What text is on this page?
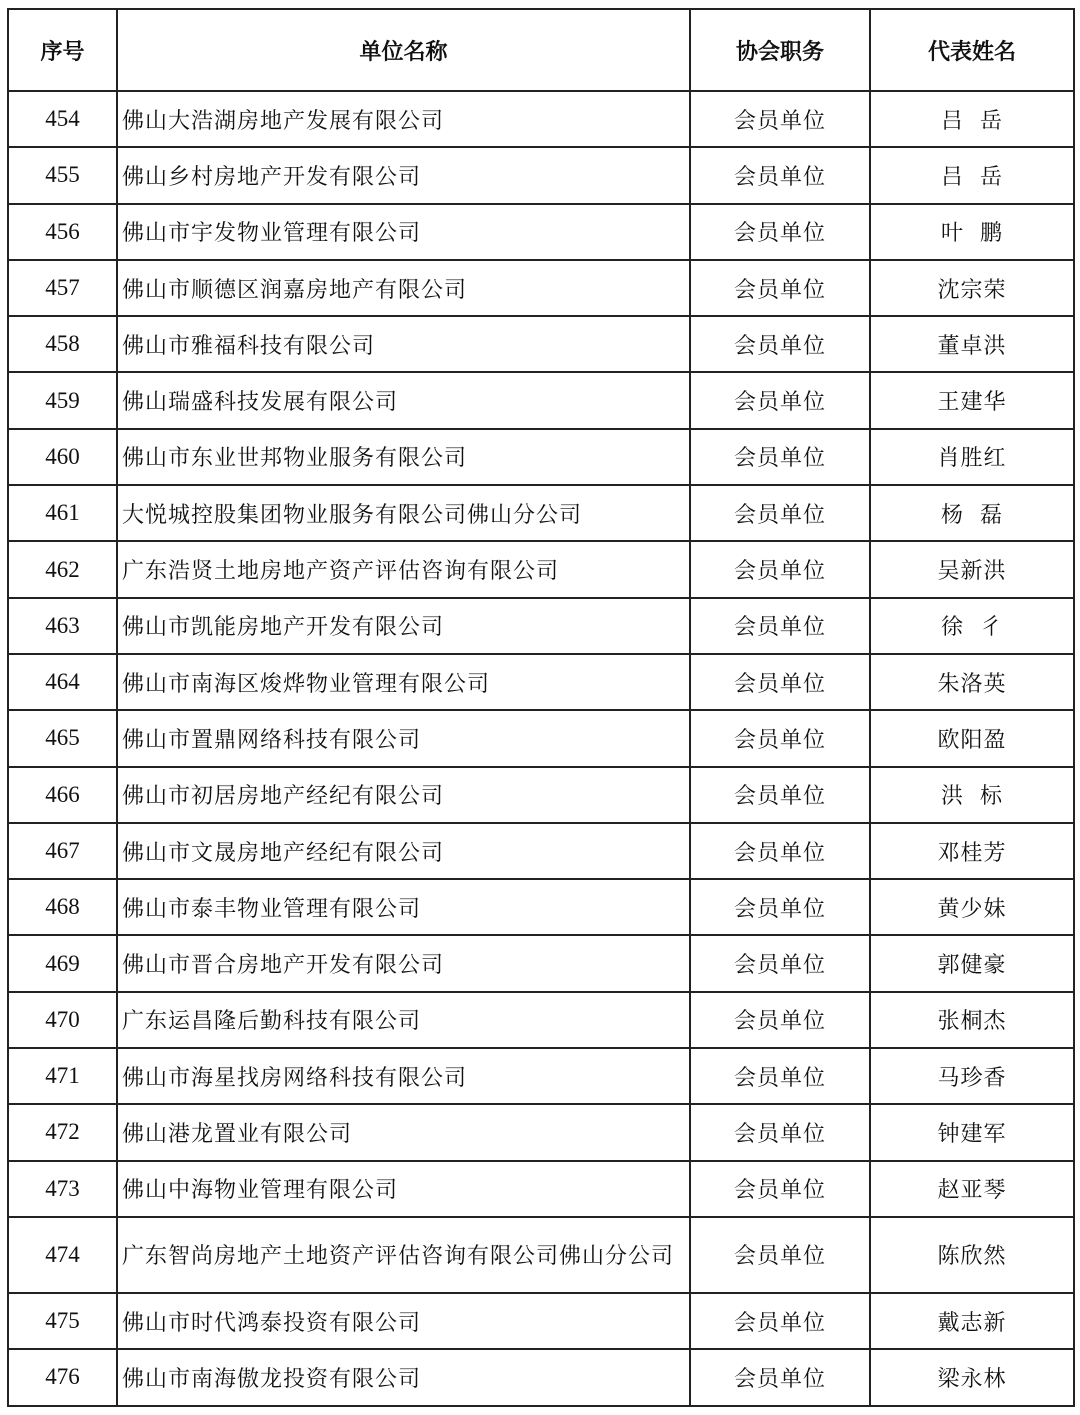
序号	单位名称	协会职务	代表姓名
454	佛山大浩湖房地产发展有限公司	会员单位	吕  岳
455	佛山乡村房地产开发有限公司	会员单位	吕  岳
456	佛山市宇发物业管理有限公司	会员单位	叶  鹏
457	佛山市顺德区润嘉房地产有限公司	会员单位	沈宗荣
458	佛山市雅福科技有限公司	会员单位	董卓洪
459	佛山瑞盛科技发展有限公司	会员单位	王建华
460	佛山市东业世邦物业服务有限公司	会员单位	肖胜红
461	大悦城控股集团物业服务有限公司佛山分公司	会员单位	杨  磊
462	广东浩贤土地房地产资产评估咨询有限公司	会员单位	吴新洪
463	佛山市凯能房地产开发有限公司	会员单位	徐  彳
464	佛山市南海区焌烨物业管理有限公司	会员单位	朱洛英
465	佛山市置鼎网络科技有限公司	会员单位	欧阳盈
466	佛山市初居房地产经纪有限公司	会员单位	洪  标
467	佛山市文晟房地产经纪有限公司	会员单位	邓桂芳
468	佛山市泰丰物业管理有限公司	会员单位	黄少妹
469	佛山市晋合房地产开发有限公司	会员单位	郭健豪
470	广东运昌隆后勤科技有限公司	会员单位	张桐杰
471	佛山市海星找房网络科技有限公司	会员单位	马珍香
472	佛山港龙置业有限公司	会员单位	钟建军
473	佛山中海物业管理有限公司	会员单位	赵亚琴
474	广东智尚房地产土地资产评估咨询有限公司佛山分公司	会员单位	陈欣然
475	佛山市时代鸿泰投资有限公司	会员单位	戴志新
476	佛山市南海傲龙投资有限公司	会员单位	梁永林
